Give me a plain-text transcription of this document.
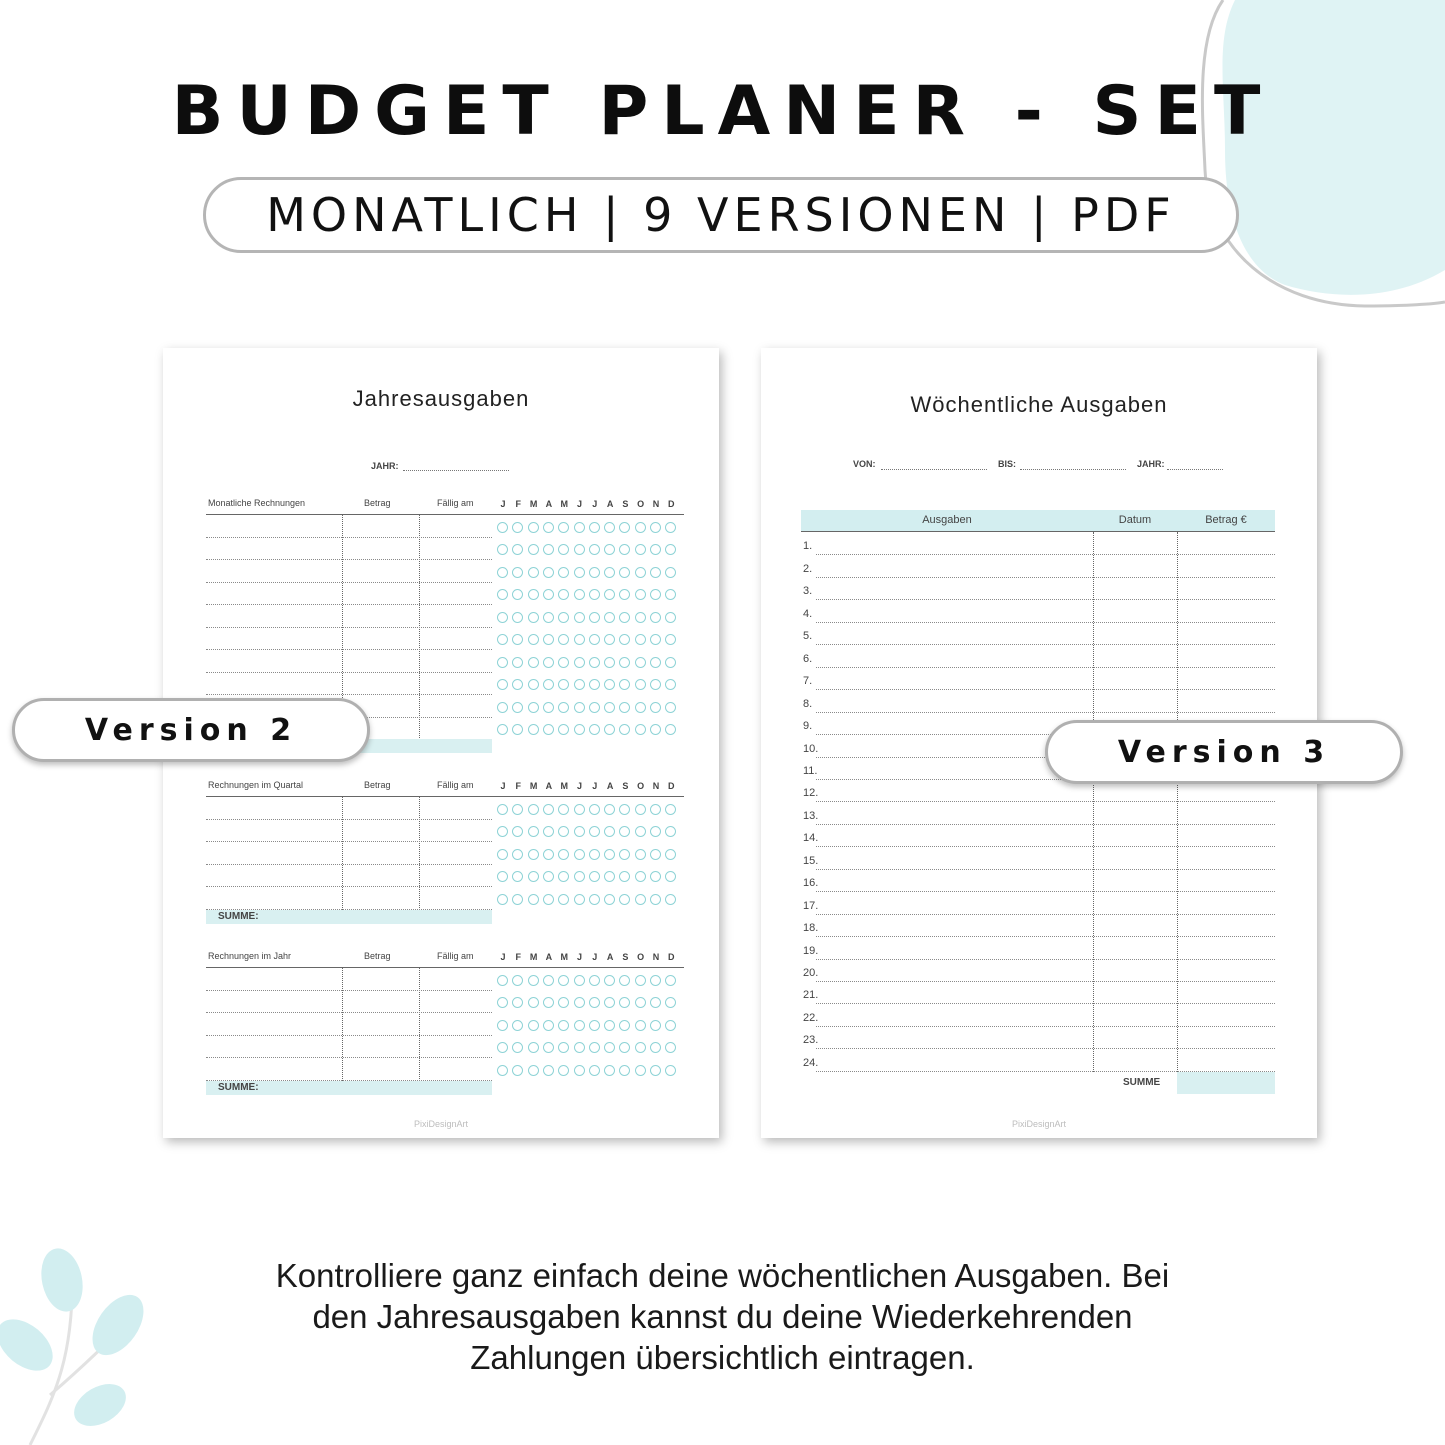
BUDGET PLANER - SET
MONATLICH | 9 VERSIONEN | PDF
Jahresausgaben
JAHR:
Monatliche Rechnungen	Betrag	Fällig am	J	F M A M	J	J	A	S O N D
Rechnungen im Quartal	Betrag	Fällig am	J	F M A M	J	J	A	S O N D
SUMME:
Rechnungen im Jahr	Betrag	Fällig am	J	F M A M	J	J	A	S O N D
SUMME:
PixiDesignArt
Wöchentliche Ausgaben
VON:	BIS:	JAHR:
Ausgaben	Datum	Betrag €
1.
2.
3.
4.
5.
6.
7.
8.
9.
10.
11.
12.
13.
14.
15.
16.
17.
18.
19.
20.
21.
22.
23.
24.
SUMME
PixiDesignArt
Version 2
Version 3
Kontrolliere ganz einfach deine wöchentlichen Ausgaben. Bei
den Jahresausgaben kannst du deine Wiederkehrenden
Zahlungen übersichtlich eintragen.
